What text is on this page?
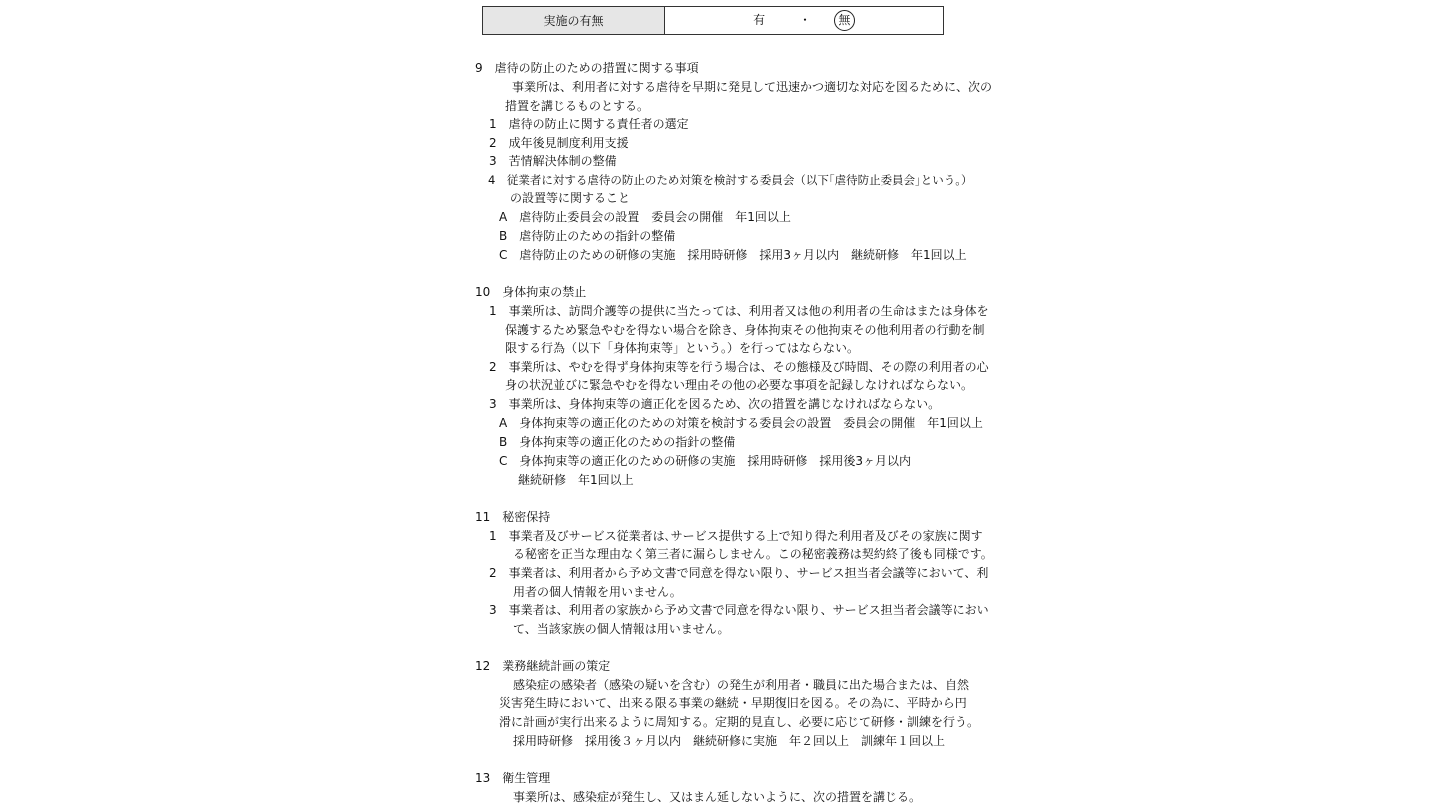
実施の有無	有	・ 無
9　虐待の防止のための措置に関する事項
事業所は、利用者に対する虐待を早期に発見して迅速かつ適切な対応を図るために、次の
措置を講じるものとする。
1　虐待の防止に関する責任者の選定
2　成年後見制度利用支援
3　苦情解決体制の整備
4　従業者に対する虐待の防止のため対策を検討する委員会（以下｢虐待防止委員会｣という。）
の設置等に関すること
A　虐待防止委員会の設置　委員会の開催　年1回以上
B　虐待防止のための指針の整備
C　虐待防止のための研修の実施　採用時研修　採用3ヶ月以内　継続研修　年1回以上
10　身体拘束の禁止
1　事業所は、訪問介護等の提供に当たっては、利用者又は他の利用者の生命はまたは身体を
保護するため緊急やむを得ない場合を除き、身体拘束その他拘束その他利用者の行動を制
限する行為（以下「身体拘束等」という。）を行ってはならない。
2　事業所は、やむを得ず身体拘束等を行う場合は、その態様及び時間、その際の利用者の心
身の状況並びに緊急やむを得ない理由その他の必要な事項を記録しなければならない。
3　事業所は、身体拘束等の適正化を図るため、次の措置を講じなければならない。
A　身体拘束等の適正化のための対策を検討する委員会の設置　委員会の開催　年1回以上
B　身体拘束等の適正化のための指針の整備
C　身体拘束等の適正化のための研修の実施　採用時研修　採用後3ヶ月以内
継続研修　年1回以上
11　秘密保持
1　事業者及びサービス従業者は､サービス提供する上で知り得た利用者及びその家族に関す
る秘密を正当な理由なく第三者に漏らしません。この秘密義務は契約終了後も同様です。
2　事業者は、利用者から予め文書で同意を得ない限り、サービス担当者会議等において、利
用者の個人情報を用いません。
3　事業者は、利用者の家族から予め文書で同意を得ない限り、サービス担当者会議等におい
て、当該家族の個人情報は用いません。
12　業務継続計画の策定
感染症の感染者（感染の疑いを含む）の発生が利用者・職員に出た場合または、自然
災害発生時において、出来る限る事業の継続・早期復旧を図る。その為に、平時から円
滑に計画が実行出来るように周知する。定期的見直し、必要に応じて研修・訓練を行う。
採用時研修　採用後３ヶ月以内　継続研修に実施　年２回以上　訓練年１回以上
13　衛生管理
事業所は、感染症が発生し、又はまん延しないように、次の措置を講じる。
